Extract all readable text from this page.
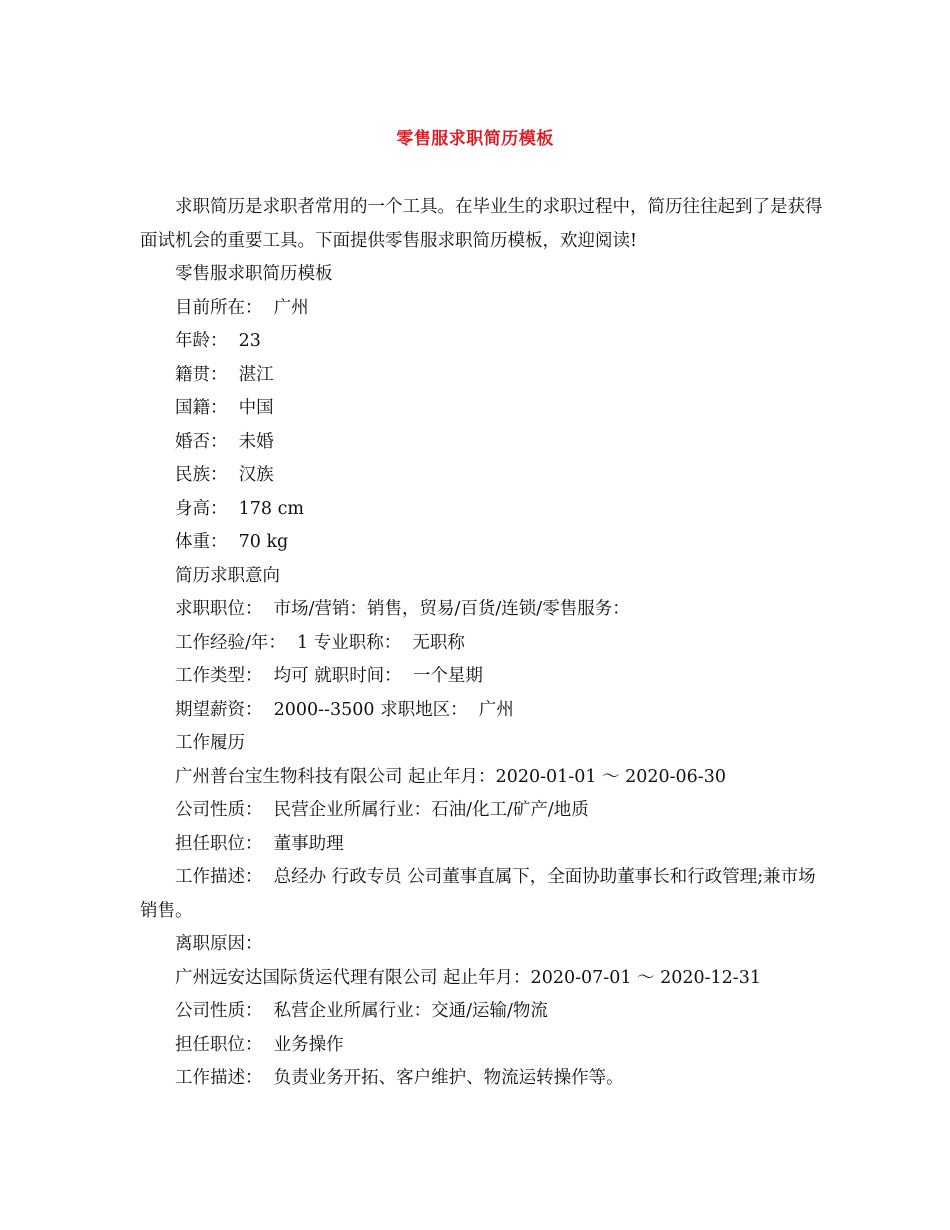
零售服求职简历模板

求职简历是求职者常用的一个工具。在毕业生的求职过程中，简历往往起到了是获得面试机会的重要工具。下面提供零售服求职简历模板，欢迎阅读!

零售服求职简历模板

目前所在：  广州

年龄：  23

籍贯：  湛江

国籍：  中国

婚否：  未婚

民族：  汉族

身高：  178 cm

体重：  70 kg

简历求职意向

求职职位：  市场/营销：销售，贸易/百货/连锁/零售服务：

工作经验/年：  1 专业职称：  无职称

工作类型：  均可 就职时间：  一个星期

期望薪资：  2000--3500 求职地区：  广州

工作履历

广州普台宝生物科技有限公司 起止年月：2020-01-01 ～ 2020-06-30

公司性质：  民营企业所属行业：石油/化工/矿产/地质

担任职位：  董事助理

工作描述：  总经办 行政专员 公司董事直属下，全面协助董事长和行政管理;兼市场销售。

离职原因：

广州远安达国际货运代理有限公司 起止年月：2020-07-01 ～ 2020-12-31

公司性质：  私营企业所属行业：交通/运输/物流

担任职位：  业务操作

工作描述：  负责业务开拓、客户维护、物流运转操作等。
